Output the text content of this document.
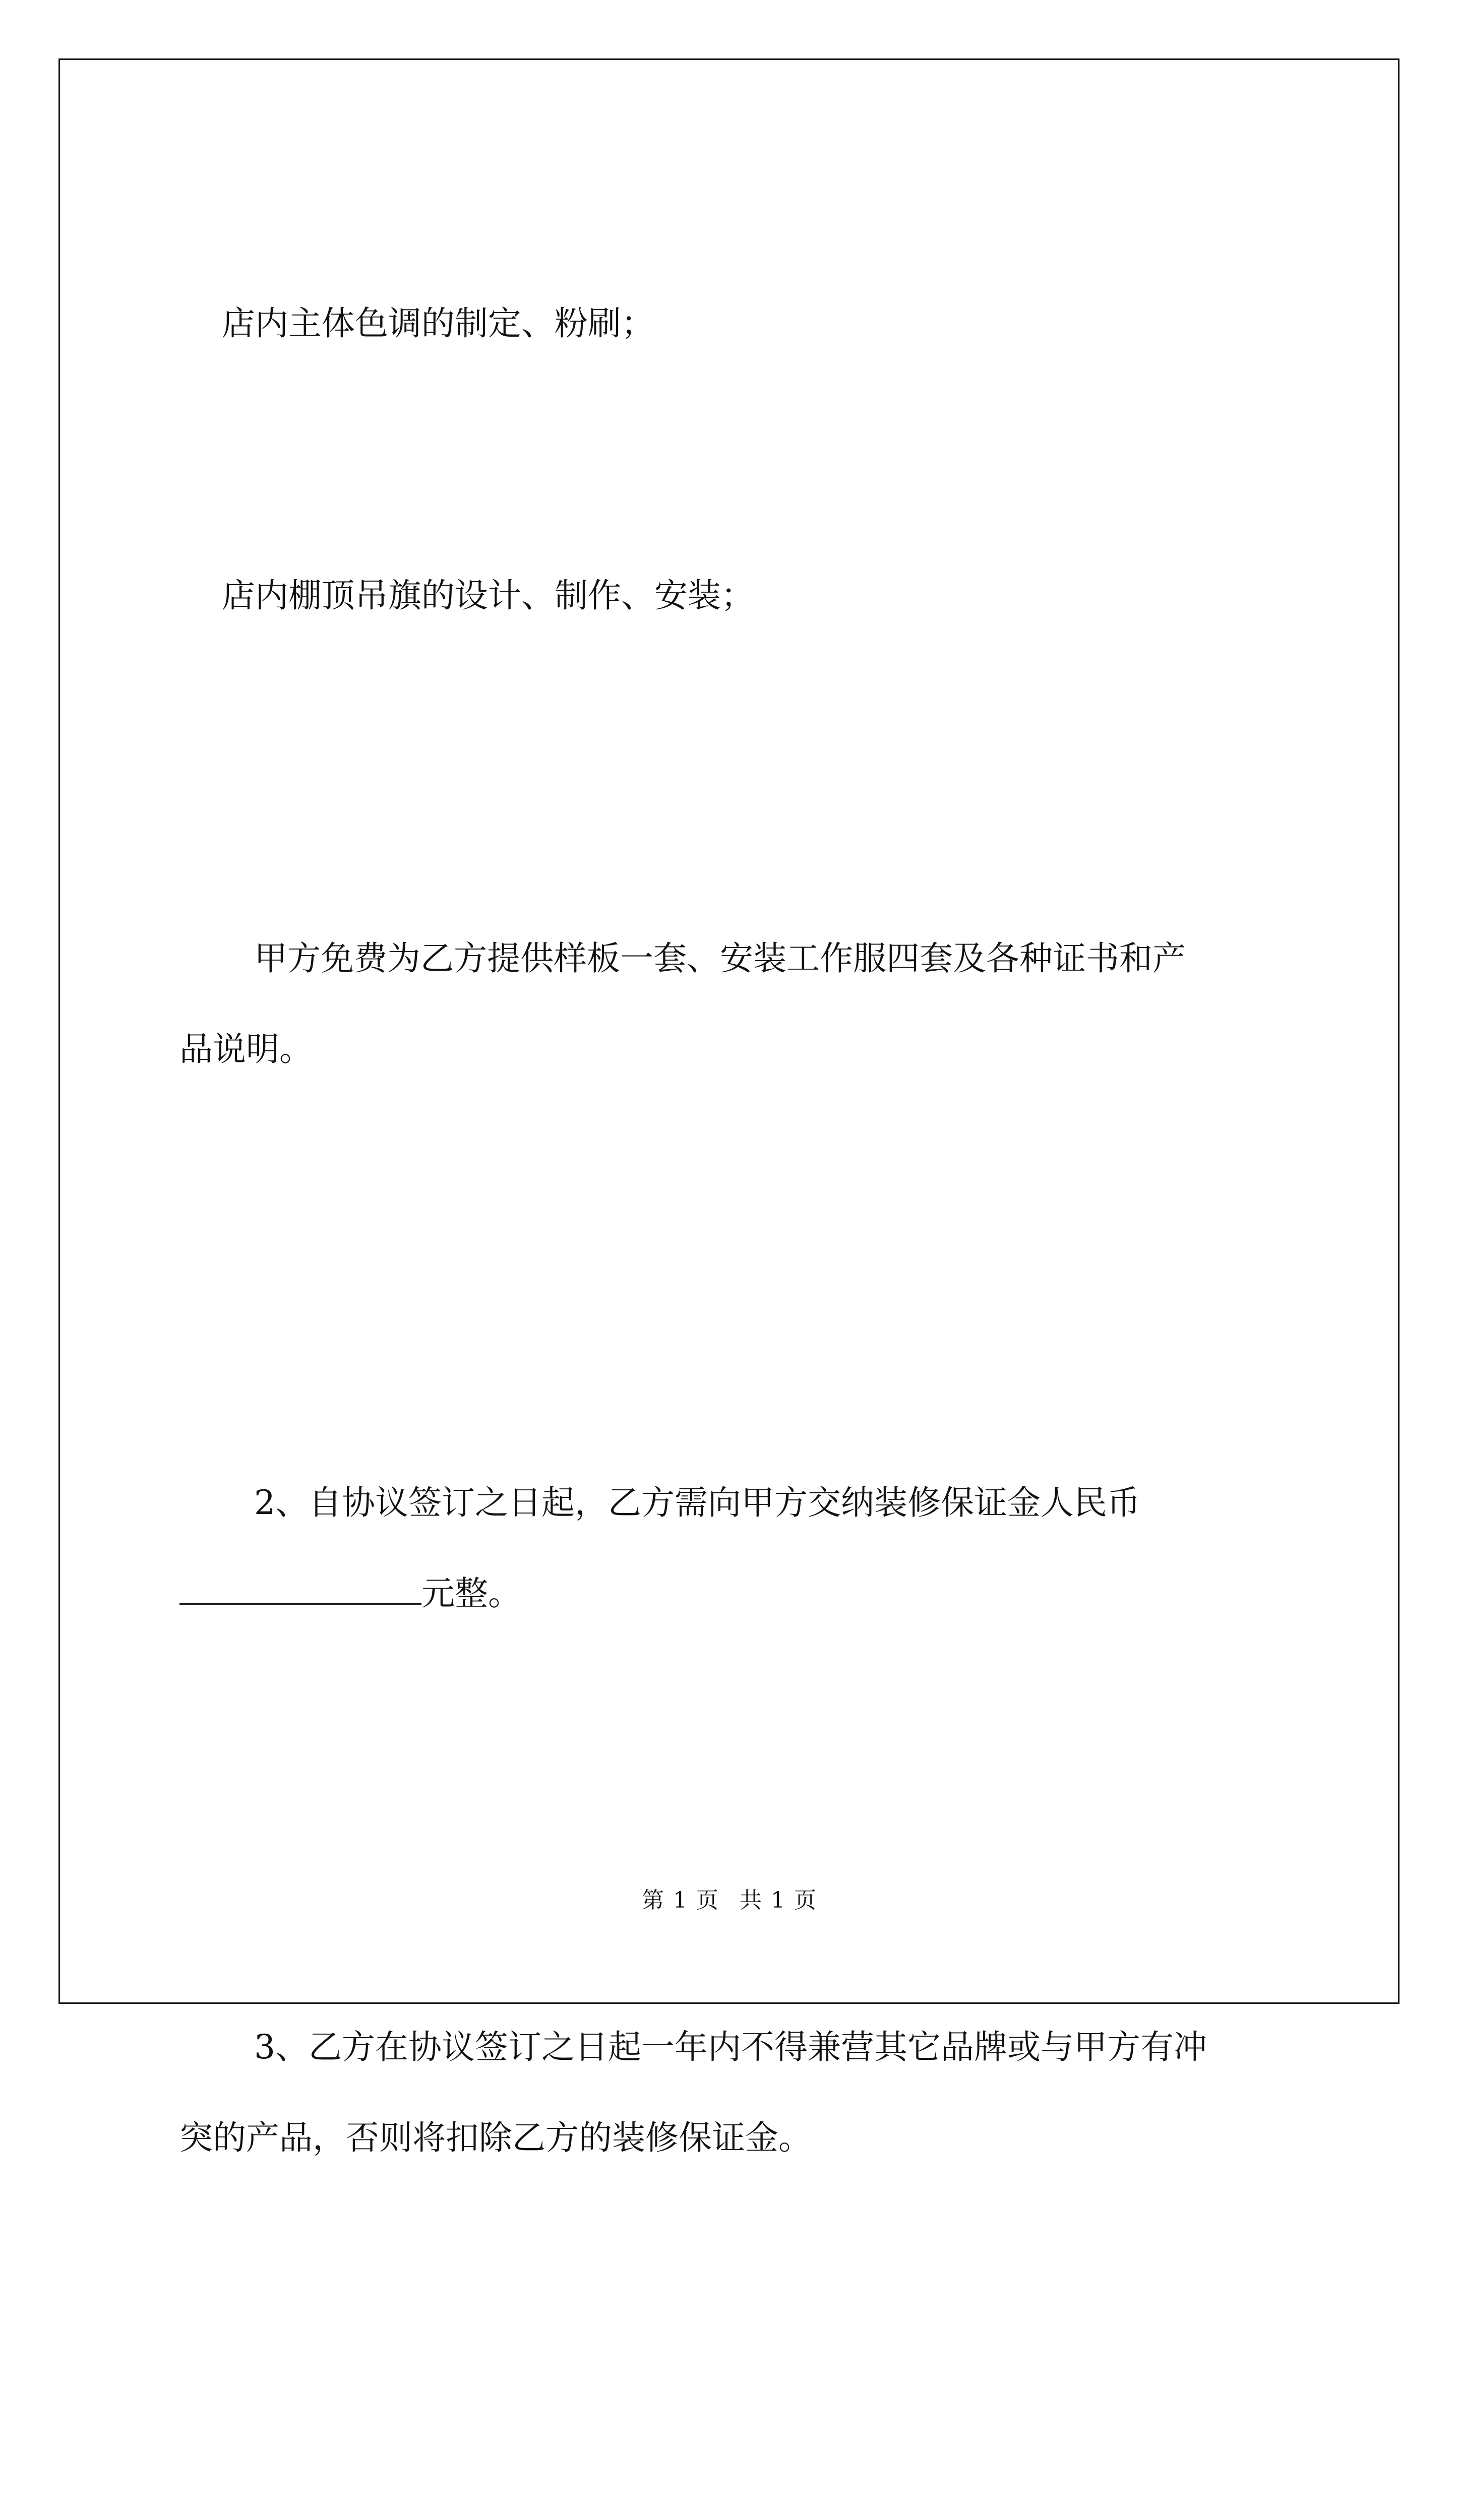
店内主体色调的制定、粉刷；

店内棚顶吊旗的设计、制作、安装；

甲方免费为乙方提供样板一套、安装工作服四套及各种证书和产
品说明。

2、自协议签订之日起，乙方需向甲方交纳装修保证金人民币
元整。

3、乙方在协议签订之日起一年内不得兼营其它品牌或与甲方有冲
突的产品，否则将扣除乙方的装修保证金。

第 1 页 共 1 页
